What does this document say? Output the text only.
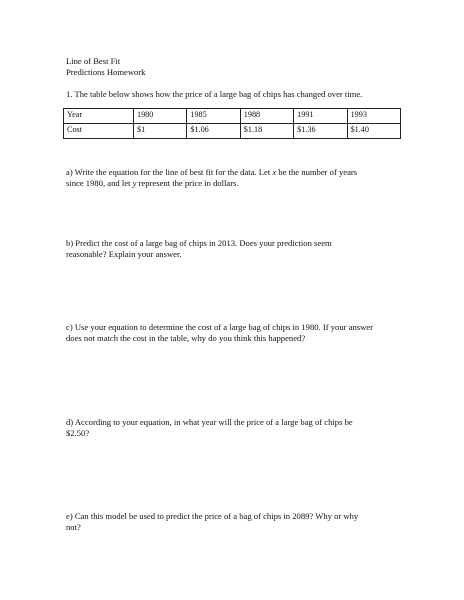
Line of Best Fit
Predictions Homework
1. The table below shows how the price of a large bag of chips has changed over time.
Year	1980	1985	1988	1991	1993
Cost	$1	$1.06	$1.18	$1.36	$1.40
a) Write the equation for the line of best fit for the data. Let x be the number of years
since 1980, and let y represent the price in dollars.
b) Predict the cost of a large bag of chips in 2013. Does your prediction seem
reasonable? Explain your answer.
c) Use your equation to determine the cost of a large bag of chips in 1980. If your answer
does not match the cost in the table, why do you think this happened?
d) According to your equation, in what year will the price of a large bag of chips be
$2.50?
e) Can this model be used to predict the price of a bag of chips in 2089? Why or why
not?
